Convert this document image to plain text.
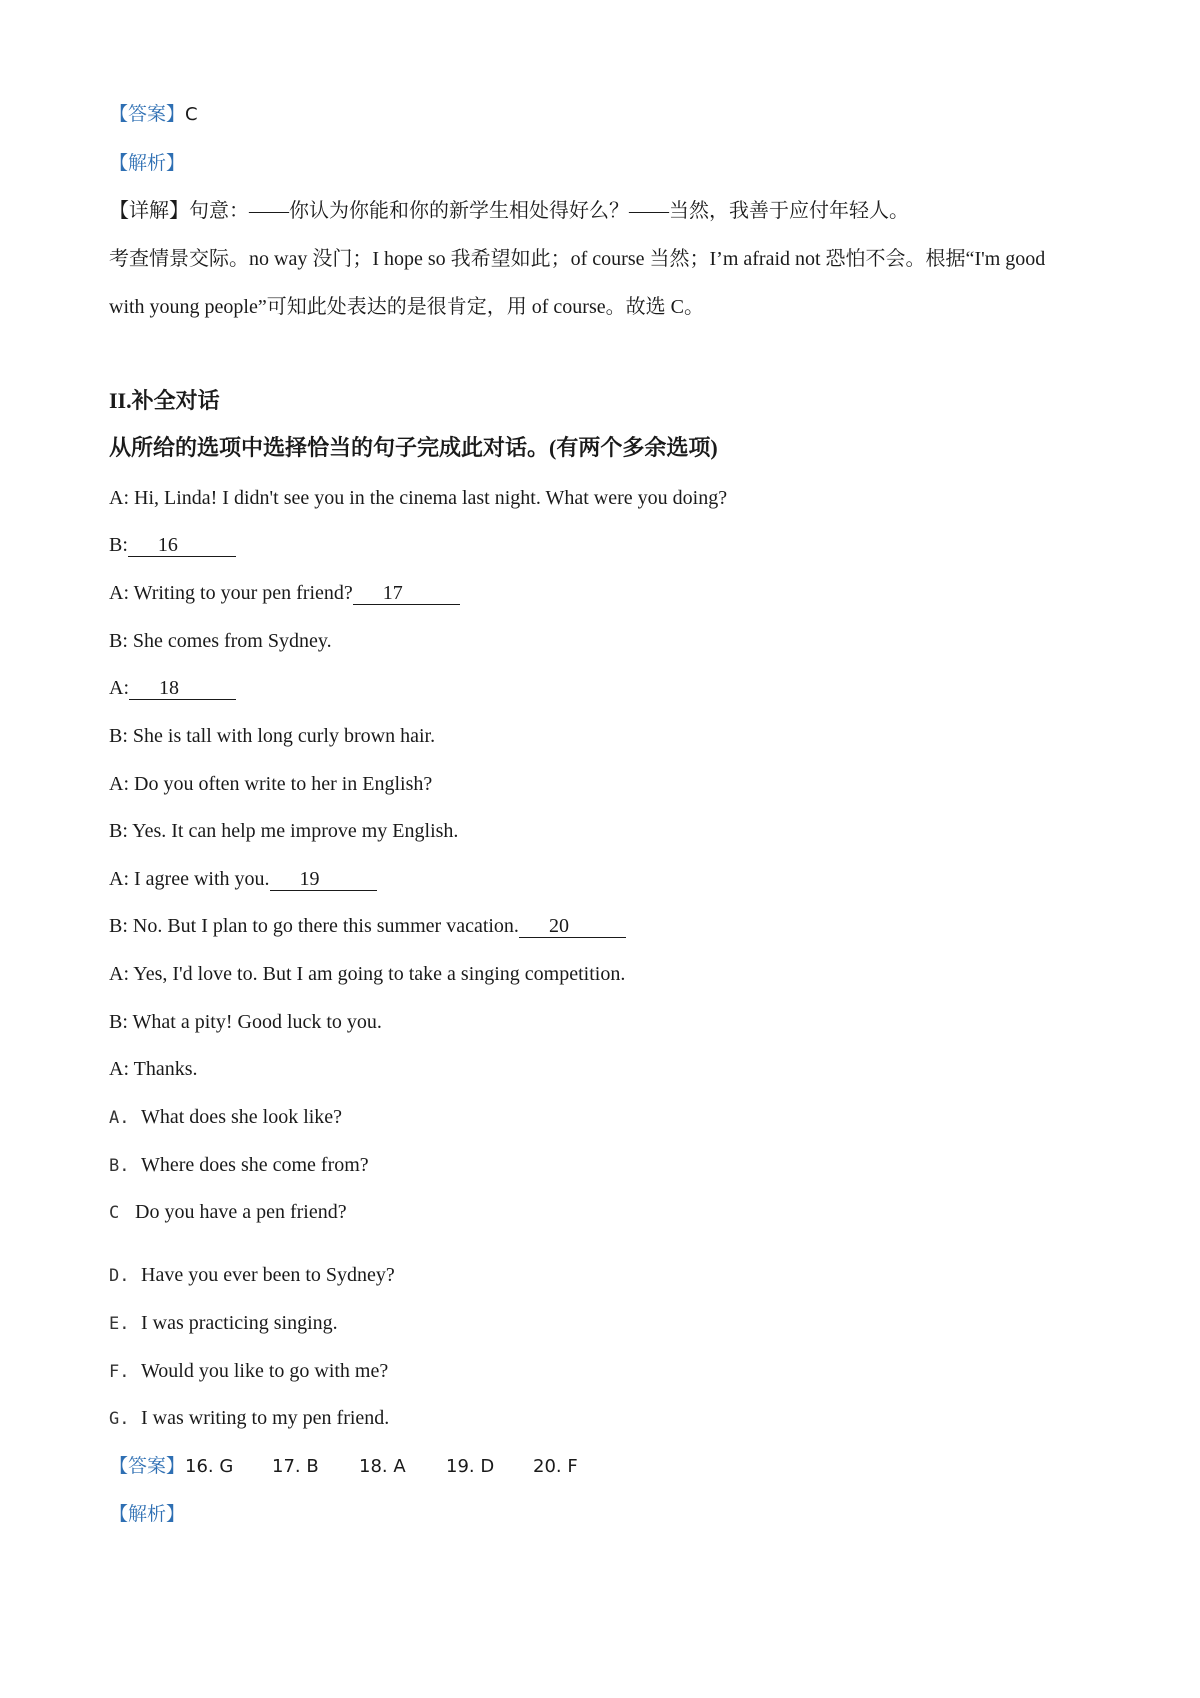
【答案】C
【解析】
【详解】句意：——你认为你能和你的新学生相处得好么？——当然，我善于应付年轻人。
考查情景交际。no way 没门；I hope so 我希望如此；of course 当然；I’m afraid not 恐怕不会。根据“I'm good
with young people”可知此处表达的是很肯定，用 of course。故选 C。
II.补全对话
从所给的选项中选择恰当的句子完成此对话。(有两个多余选项)
A: Hi, Linda! I didn't see you in the cinema last night. What were you doing?
B: 16
A: Writing to your pen friend? 17
B: She comes from Sydney.
A: 18
B: She is tall with long curly brown hair.
A: Do you often write to her in English?
B: Yes. It can help me improve my English.
A: I agree with you. 19
B: No. But I plan to go there this summer vacation. 20
A: Yes, I'd love to. But I am going to take a singing competition.
B: What a pity! Good luck to you.
A: Thanks.
A. What does she look like?
B. Where does she come from?
C Do you have a pen friend?
D. Have you ever been to Sydney?
E. I was practicing singing.
F. Would you like to go with me?
G. I was writing to my pen friend.
【答案】16. G 17. B 18. A 19. D 20. F
【解析】
